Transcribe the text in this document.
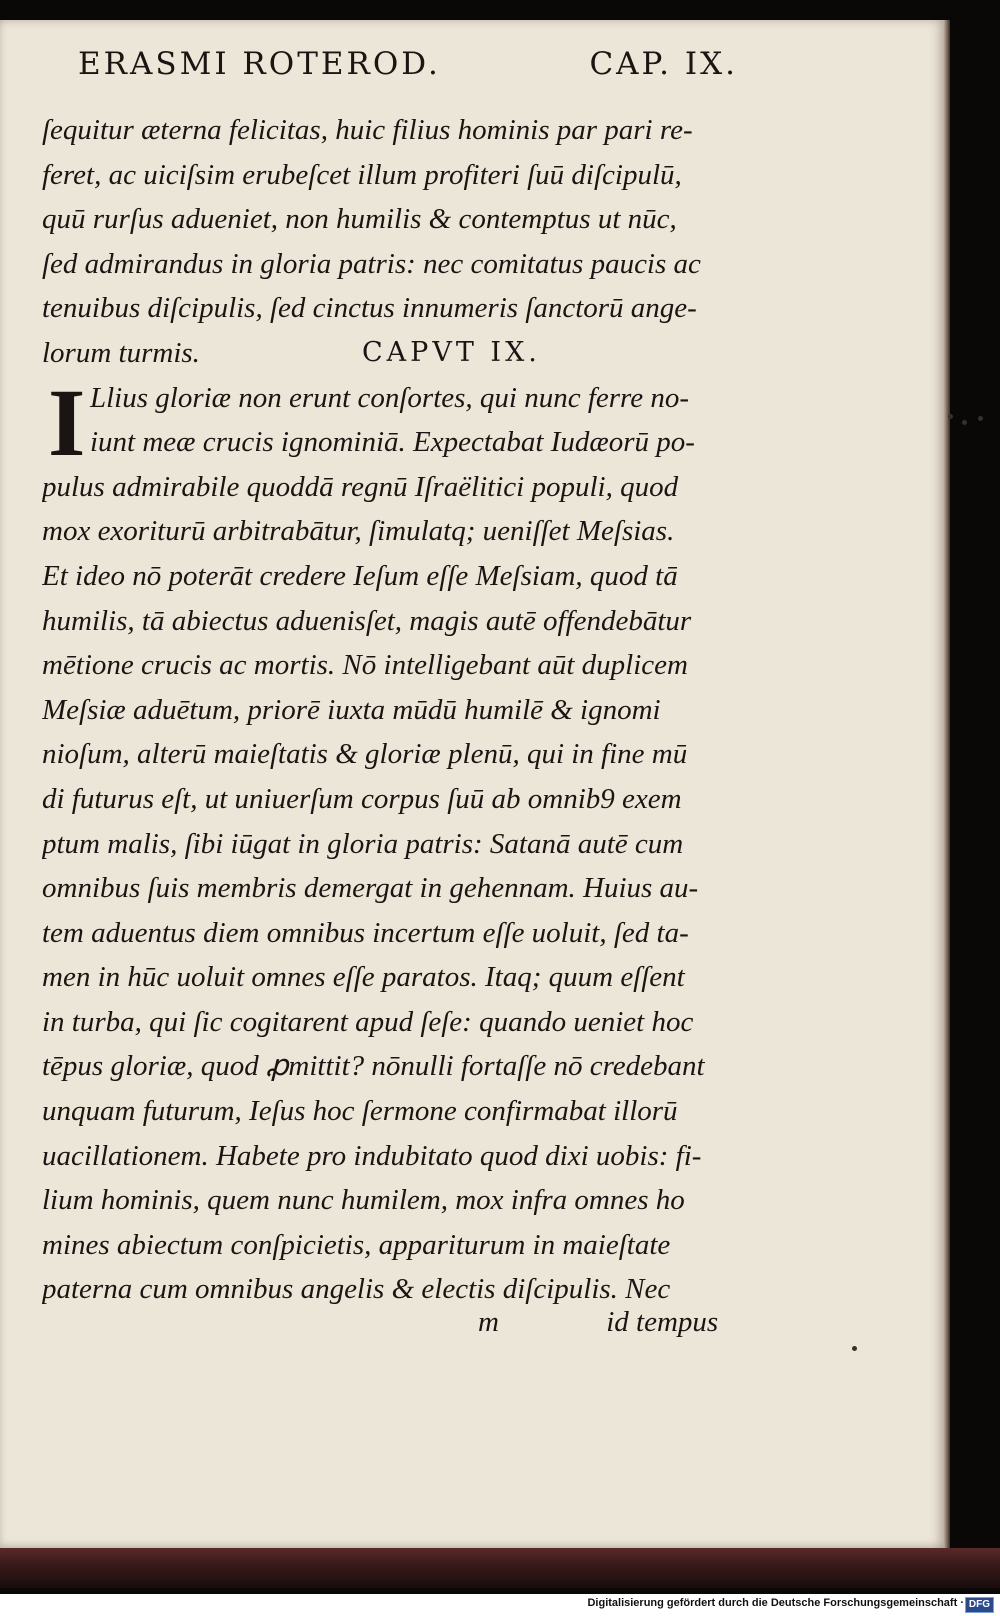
ERASMI ROTEROD.	CAP. IX.
ſequitur æterna felicitas, huic filius hominis par pari re-
feret, ac uiciſsim erubeſcet illum profiteri ſuū diſcipulū,
quū rurſus adueniet, non humilis & contemptus ut nūc,
ſed admirandus in gloria patris: nec comitatus paucis ac
tenuibus diſcipulis, ſed cinctus innumeris ſanctorū ange-
lorum turmis.	CAPVT IX.
I Llius gloriæ non erunt conſortes, qui nunc ferre no-
iunt meæ crucis ignominiā. Expectabat Iudæorū po-
pulus admirabile quoddā regnū Iſraëlitici populi, quod
mox exoriturū arbitrabātur, ſimulatq; ueniſſet Meſsias.
Et ideo nō poterāt credere Ieſum eſſe Meſsiam, quod tā
humilis, tā abiectus aduenisſet, magis autē offendebātur
mētione crucis ac mortis. Nō intelligebant aūt duplicem
Meſsiæ aduētum, priorē iuxta mūdū humilē & ignomi
nioſum, alterū maieſtatis & gloriæ plenū, qui in fine mū
di futurus eſt, ut uniuerſum corpus ſuū ab omnib9 exem
ptum malis, ſibi iūgat in gloria patris: Satanā autē cum
omnibus ſuis membris demergat in gehennam. Huius au-
tem aduentus diem omnibus incertum eſſe uoluit, ſed ta-
men in hūc uoluit omnes eſſe paratos. Itaq; quum eſſent
in turba, qui ſic cogitarent apud ſeſe: quando ueniet hoc
tēpus gloriæ, quod ꝓmittit? nōnulli fortaſſe nō credebant
unquam futurum, Ieſus hoc ſermone confirmabat illorū
uacillationem. Habete pro indubitato quod dixi uobis: fi-
lium hominis, quem nunc humilem, mox infra omnes ho
mines abiectum conſpicietis, appariturum in maieſtate
paterna cum omnibus angelis & electis diſcipulis. Nec
m	id tempus
Digitalisierung gefördert durch die Deutsche Forschungsgemeinschaft · DFG
